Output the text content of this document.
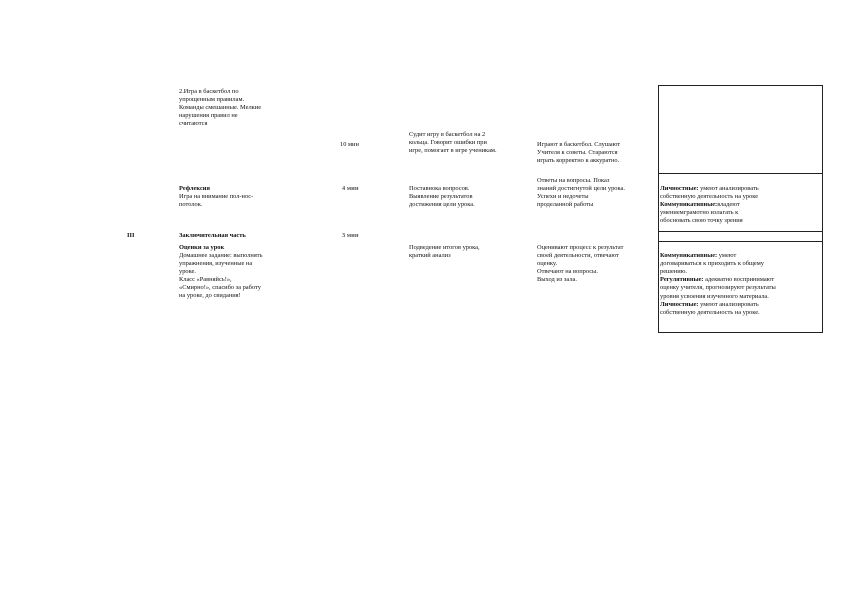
2.Игра в баскетбол по
упрощенным правилам.
Команды смешанные. Мелкие
нарушения правил не
считаются
10 мин
Судит игру в баскетбол на 2
кольца. Говорит ошибки при
игре, помогает в игре ученикам.
Играют в баскетбол. Слушают
Учителя к советы. Стараются
играть корректно к аккуратно.
Рефлексия
Игра на внимание пол-нос-
потолок.
4 мин	Поставнока вопросов.
Выявление результатов
достижения цели урока.
Ответы на вопросы. Показ
знаний достигнутой цели урока.
Успехи и недочеты
проделанной работы

Личностные: умеют анализировать
собственную деятельность на уроке
Коммуникативные:владеют
умениемграмотно излагать к
обосновать свою точку зрения

III	Заключительная часть
Оценки за урок
Домашнее задание: выполнять
упражнения, изученные на
уроке.
Класс «Равняйсь!»,
«Смирно!», спасибо за работу
на уроке, до свидания!
3 мин
Подведение итогов урока,
краткий анализ
Оценивают процесс к результат
своей деятельности, отвечают
оценку.
Отвечают на вопросы.
Выход из зала.

Коммуникативные: умеют
договариваться к приходить к общему
решению.
Регулятивные: адекватно воспринимают
оценку учителя, прогнозируют результаты
уровня усвоения изученного материала.
Личностные: умеют анализировать
собственную деятельность на уроке.
